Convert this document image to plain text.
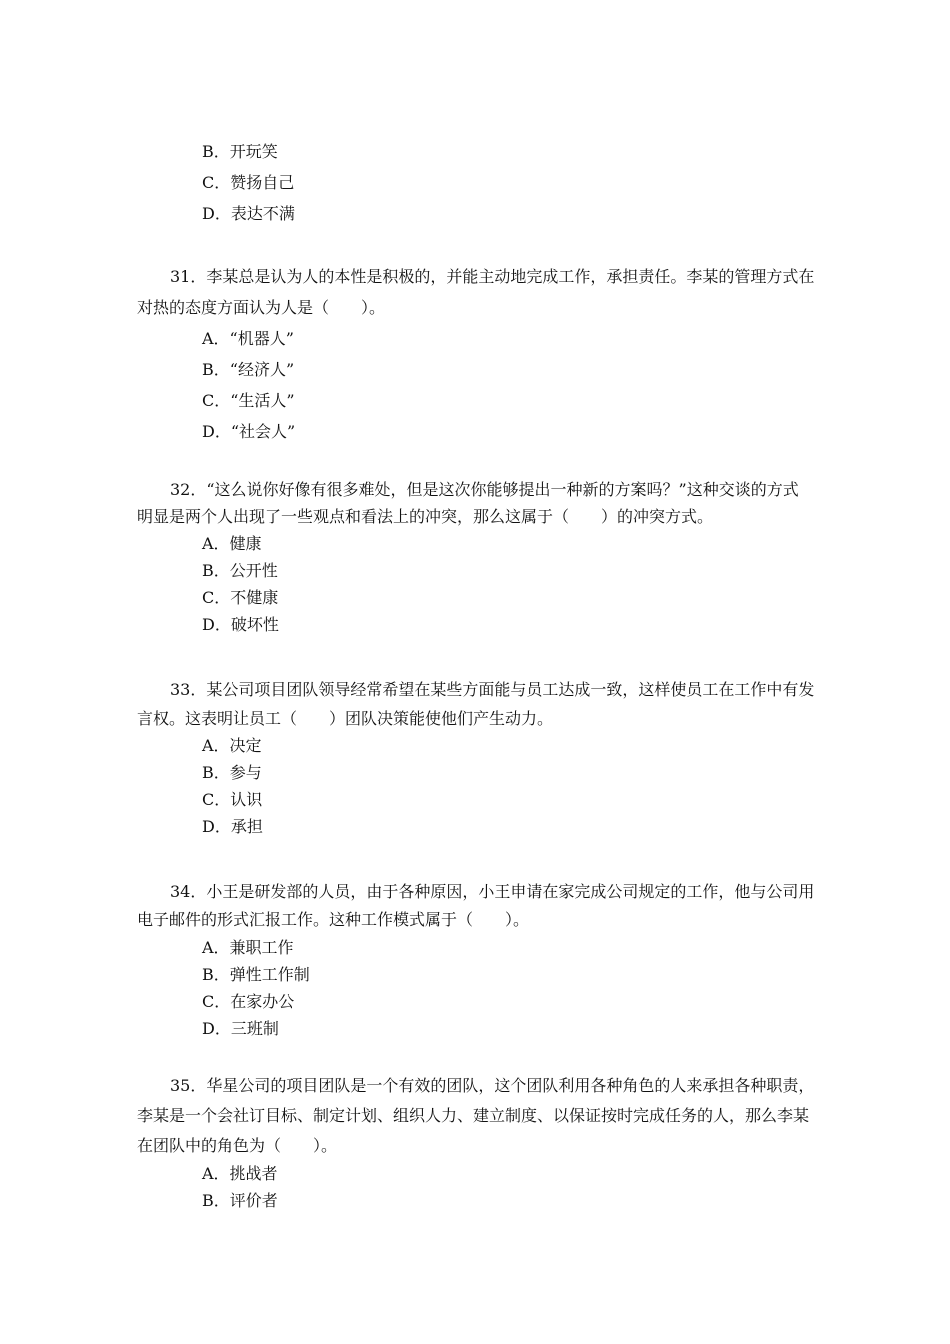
B．开玩笑

C．赞扬自己

D．表达不满

31．李某总是认为人的本性是积极的，并能主动地完成工作，承担责任。李某的管理方式在

对热的态度方面认为人是（　　）。

A．“机器人”

B．“经济人”

C．“生活人”

D．“社会人”

32．“这么说你好像有很多难处，但是这次你能够提出一种新的方案吗？”这种交谈的方式

明显是两个人出现了一些观点和看法上的冲突，那么这属于（　　）的冲突方式。

A．健康

B．公开性

C．不健康

D．破坏性

33．某公司项目团队领导经常希望在某些方面能与员工达成一致，这样使员工在工作中有发

言权。这表明让员工（　　）团队决策能使他们产生动力。

A．决定

B．参与

C．认识

D．承担

34．小王是研发部的人员，由于各种原因，小王申请在家完成公司规定的工作，他与公司用

电子邮件的形式汇报工作。这种工作模式属于（　　）。

A．兼职工作

B．弹性工作制

C．在家办公

D．三班制

35．华星公司的项目团队是一个有效的团队，这个团队利用各种角色的人来承担各种职责，

李某是一个会社订目标、制定计划、组织人力、建立制度、以保证按时完成任务的人，那么李某

在团队中的角色为（　　）。

A．挑战者

B．评价者
